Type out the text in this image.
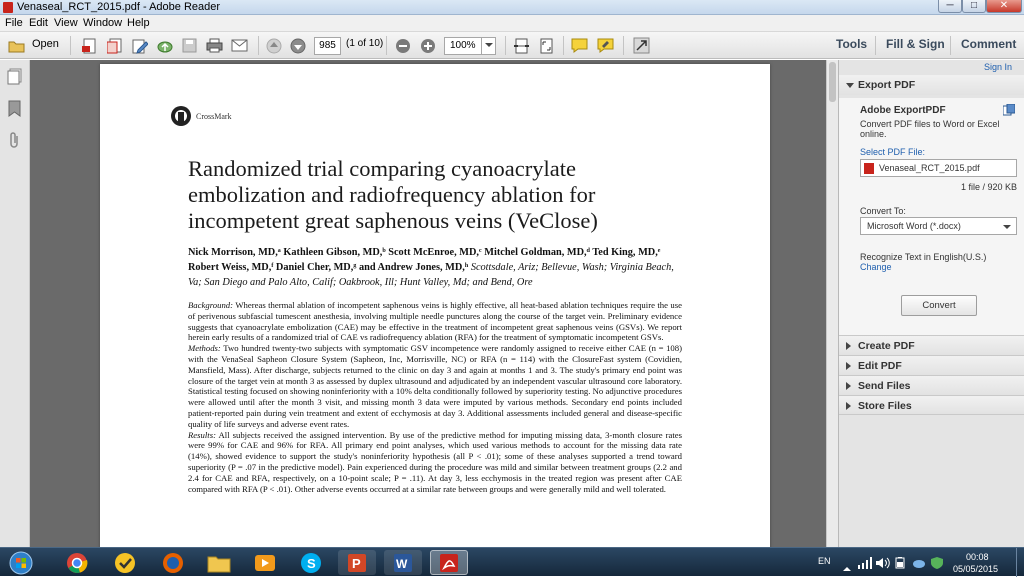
Venaseal_RCT_2015.pdf - Adobe Reader	─	□	✕
File Edit View Window Help
Open	985	(1 of 10)	100%	Tools Fill & Sign Comment
CrossMark
Randomized trial comparing cyanoacrylate embolization and radiofrequency ablation for incompetent great saphenous veins (VeClose)
Nick Morrison, MD,ᵃ Kathleen Gibson, MD,ᵇ Scott McEnroe, MD,ᶜ Mitchel Goldman, MD,ᵈ Ted King, MD,ᵉ Robert Weiss, MD,ᶠ Daniel Cher, MD,ᵍ and Andrew Jones, MD,ʰ Scottsdale, Ariz; Bellevue, Wash; Virginia Beach, Va; San Diego and Palo Alto, Calif; Oakbrook, Ill; Hunt Valley, Md; and Bend, Ore

Background: Whereas thermal ablation of incompetent saphenous veins is highly effective, all heat-based ablation techniques require the use of perivenous subfascial tumescent anesthesia, involving multiple needle punctures along the course of the target vein. Preliminary evidence suggests that cyanoacrylate embolization (CAE) may be effective in the treatment of incompetent great saphenous veins (GSVs). We report herein early results of a randomized trial of CAE vs radiofrequency ablation (RFA) for the treatment of symptomatic incompetent GSVs.

Methods: Two hundred twenty-two subjects with symptomatic GSV incompetence were randomly assigned to receive either CAE (n = 108) with the VenaSeal Sapheon Closure System (Sapheon, Inc, Morrisville, NC) or RFA (n = 114) with the ClosureFast system (Covidien, Mansfield, Mass). After discharge, subjects returned to the clinic on day 3 and again at months 1 and 3. The study's primary end point was closure of the target vein at month 3 as assessed by duplex ultrasound and adjudicated by an independent vascular ultrasound core laboratory. Statistical testing focused on showing noninferiority with a 10% delta conditionally followed by superiority testing. No adjunctive procedures were allowed until after the month 3 visit, and missing month 3 data were imputed by various methods. Secondary end points included patient-reported pain during vein treatment and extent of ecchymosis at day 3. Additional assessments included general and disease-specific quality of life surveys and adverse event rates.

Results: All subjects received the assigned intervention. By use of the predictive method for imputing missing data, 3-month closure rates were 99% for CAE and 96% for RFA. All primary end point analyses, which used various methods to account for the missing data rate (14%), showed evidence to support the study's noninferiority hypothesis (all P < .01); some of these analyses supported a trend toward superiority (P = .07 in the predictive model). Pain experienced during the procedure was mild and similar between treatment groups (2.2 and 2.4 for CAE and RFA, respectively, on a 10-point scale; P = .11). At day 3, less ecchymosis in the treated region was present after CAE compared with RFA (P < .01). Other adverse events occurred at a similar rate between groups and were generally mild and well tolerated.

Sign In
Export PDF
Adobe ExportPDF
Convert PDF files to Word or Excel online.
Select PDF File:
Venaseal_RCT_2015.pdf
1 file / 920 KB
Convert To:
Microsoft Word (*.docx)
Recognize Text in English(U.S.)
Change
Convert
Create PDF
Edit PDF
Send Files
Store Files
S	P	W	EN	00:08
05/05/2015
